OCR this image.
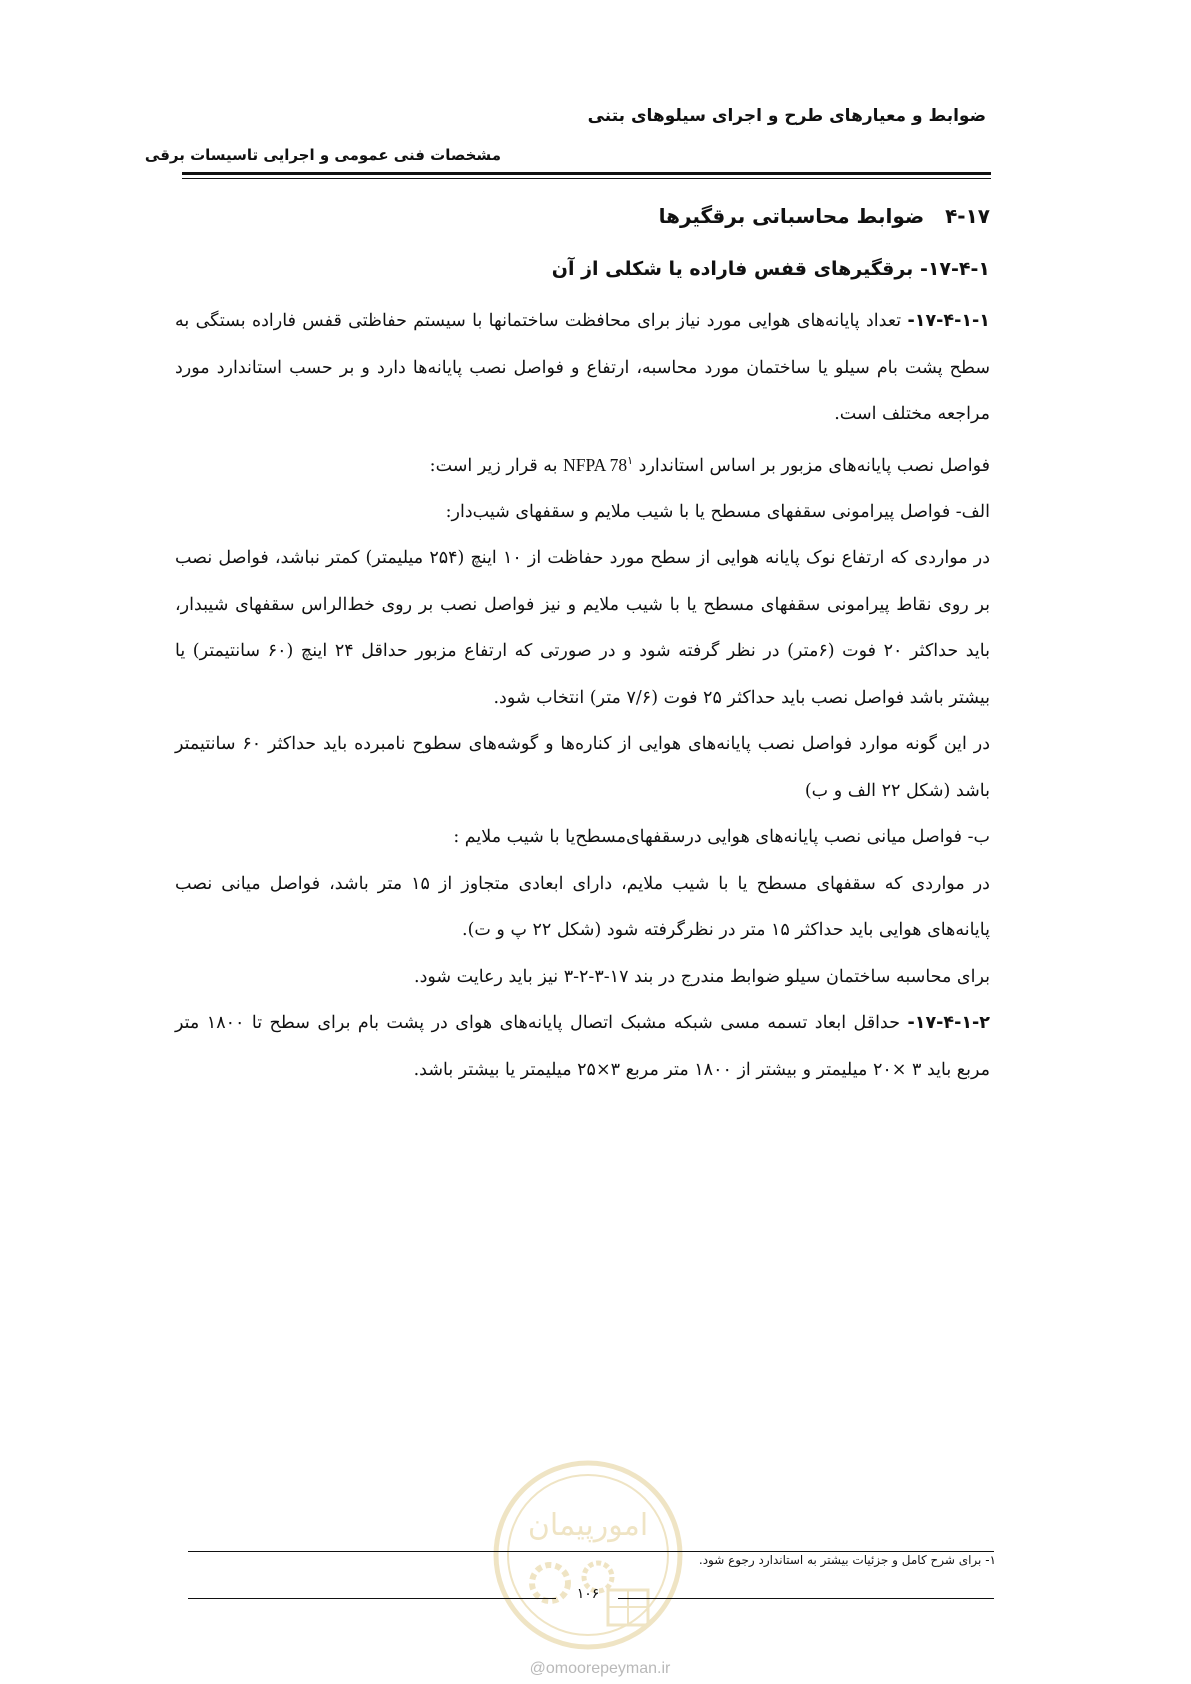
ضوابط و معیارهای طرح و اجرای سیلوهای بتنی
مشخصات فنی عمومی و اجرایی تاسیسات برقی

۴-۱۷   ضوابط محاسباتی برقگیرها

۱۷-۴-۱- برقگیرهای قفس فاراده یا شکلی از آن

۱۷-۴-۱-۱- تعداد پایانه‌های هوایی مورد نیاز برای محافظت ساختمانها با سیستم حفاظتی قفس فاراده بستگی به سطح پشت بام سیلو یا ساختمان مورد محاسبه، ارتفاع و فواصل نصب پایانه‌ها دارد و بر حسب استاندارد مورد مراجعه مختلف است.

فواصل نصب پایانه‌های مزبور بر اساس استاندارد NFPA $78^۱$ به قرار زیر است:

الف- فواصل پیرامونی سقفهای مسطح یا با شیب ملایم و سقفهای شیب‌دار:

در مواردی که ارتفاع نوک پایانه هوایی از سطح مورد حفاظت از ۱۰ اینچ (۲۵۴ میلیمتر) کمتر نباشد، فواصل نصب بر روی نقاط پیرامونی سقفهای مسطح یا با شیب ملایم و نیز فواصل نصب بر روی خط‌الراس سقفهای شیبدار، باید حداکثر ۲۰ فوت (۶متر) در نظر گرفته شود و در صورتی که ارتفاع مزبور حداقل ۲۴ اینچ (۶۰ سانتیمتر) یا بیشتر باشد فواصل نصب باید حداکثر ۲۵ فوت (۷/۶ متر) انتخاب شود.

در این گونه موارد فواصل نصب پایانه‌های هوایی از کناره‌ها و گوشه‌های سطوح نامبرده باید حداکثر ۶۰ سانتیمتر باشد (شکل ۲۲ الف و ب)

ب- فواصل میانی نصب پایانه‌های هوایی درسقفهای‌مسطح‌یا با شیب ملایم :

در مواردی که سقفهای مسطح یا با شیب ملایم، دارای ابعادی متجاوز از ۱۵ متر باشد، فواصل میانی نصب پایانه‌های هوایی باید حداکثر ۱۵ متر در نظرگرفته شود (شکل ۲۲ پ و ت).

برای محاسبه ساختمان سیلو ضوابط مندرج در بند ۱۷-۳-۲-۳ نیز باید رعایت شود.

۱۷-۴-۱-۲- حداقل ابعاد تسمه مسی شبکه مشبک اتصال پایانه‌های هوای در پشت بام برای سطح تا ۱۸۰۰ متر مربع باید ۳ ×۲۰ میلیمتر و بیشتر از ۱۸۰۰ متر مربع ۳×۲۵ میلیمتر یا بیشتر باشد.

امورپیمان
۱- برای شرح کامل و جزئیات بیشتر به استاندارد رجوع شود.
۱۰۶
@omoorepeyman.ir
